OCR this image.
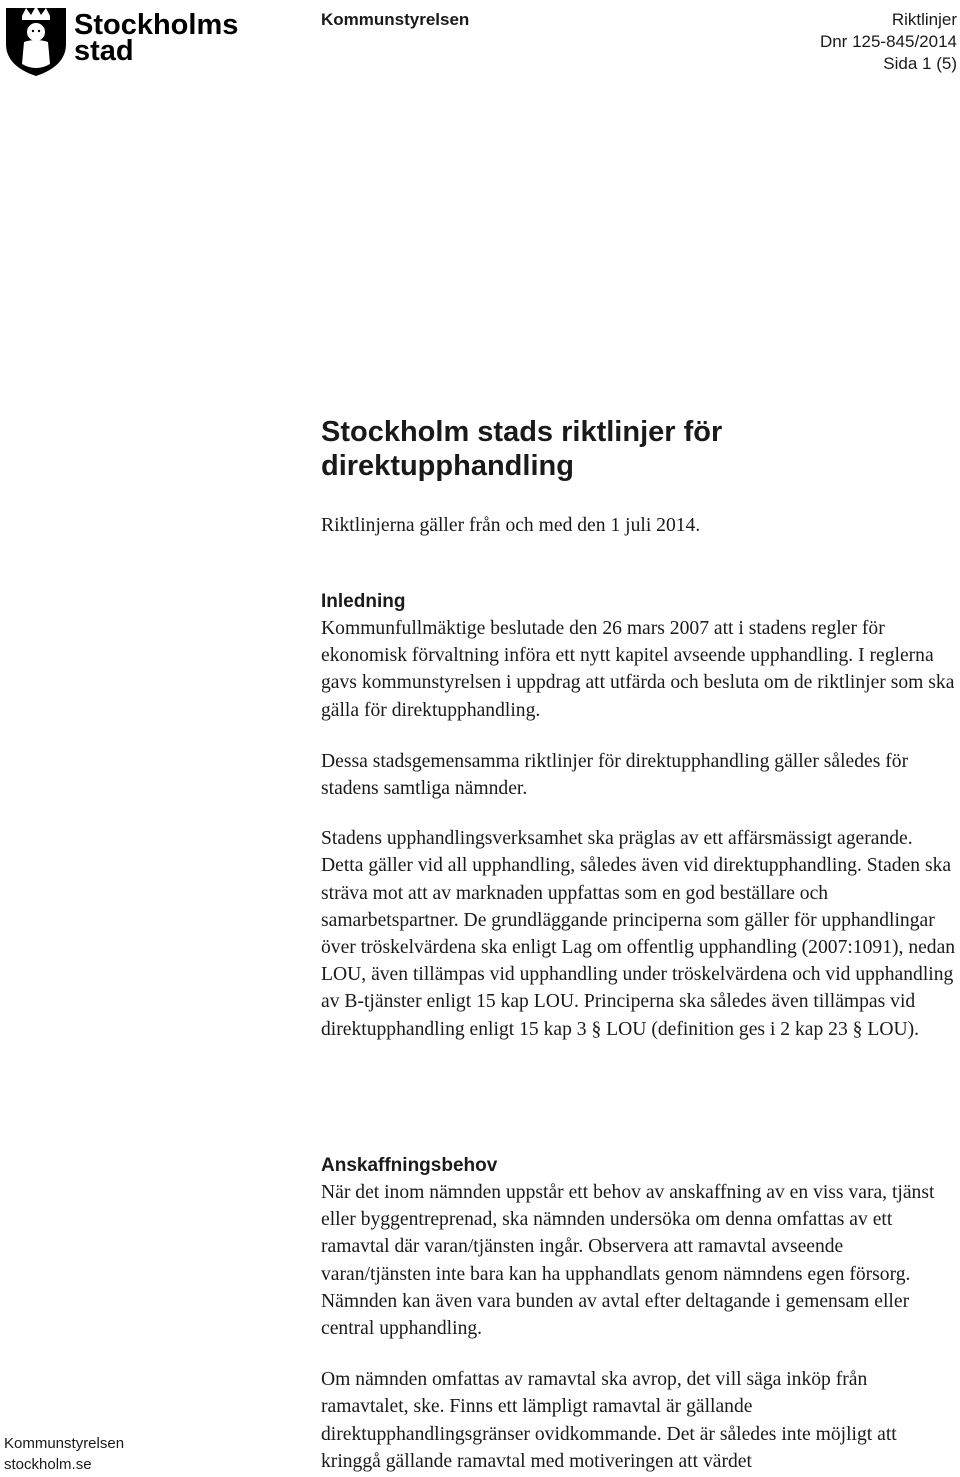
Stockholms
stad
Kommunstyrelsen	Riktlinjer
Dnr 125-845/2014
Sida 1 (5)
Stockholm stads riktlinjer för direktupphandling

Riktlinjerna gäller från och med den 1 juli 2014.

Inledning

Kommunfullmäktige beslutade den 26 mars 2007 att i stadens regler för ekonomisk förvaltning införa ett nytt kapitel avseende upphandling. I reglerna gavs kommunstyrelsen i uppdrag att utfärda och besluta om de riktlinjer som ska gälla för direktupphandling.

Dessa stadsgemensamma riktlinjer för direktupphandling gäller således för stadens samtliga nämnder.

Stadens upphandlingsverksamhet ska präglas av ett affärsmässigt agerande. Detta gäller vid all upphandling, således även vid direktupphandling. Staden ska sträva mot att av marknaden uppfattas som en god beställare och samarbetspartner. De grundläggande principerna som gäller för upphandlingar över tröskelvärdena ska enligt Lag om offentlig upphandling (2007:1091), nedan LOU, även tillämpas vid upphandling under tröskelvärdena och vid upphandling av B-tjänster enligt 15 kap LOU. Principerna ska således även tillämpas vid direktupphandling enligt 15 kap 3 § LOU (definition ges i 2 kap 23 § LOU).

Anskaffningsbehov

När det inom nämnden uppstår ett behov av anskaffning av en viss vara, tjänst eller byggentreprenad, ska nämnden undersöka om denna omfattas av ett ramavtal där varan/tjänsten ingår. Observera att ramavtal avseende varan/tjänsten inte bara kan ha upphandlats genom nämndens egen försorg. Nämnden kan även vara bunden av avtal efter deltagande i gemensam eller central upphandling.

Om nämnden omfattas av ramavtal ska avrop, det vill säga inköp från ramavtalet, ske. Finns ett lämpligt ramavtal är gällande direktupphandlingsgränser ovidkommande. Det är således inte möjligt att kringgå gällande ramavtal med motiveringen att värdet

Kommunstyrelsen
stockholm.se
